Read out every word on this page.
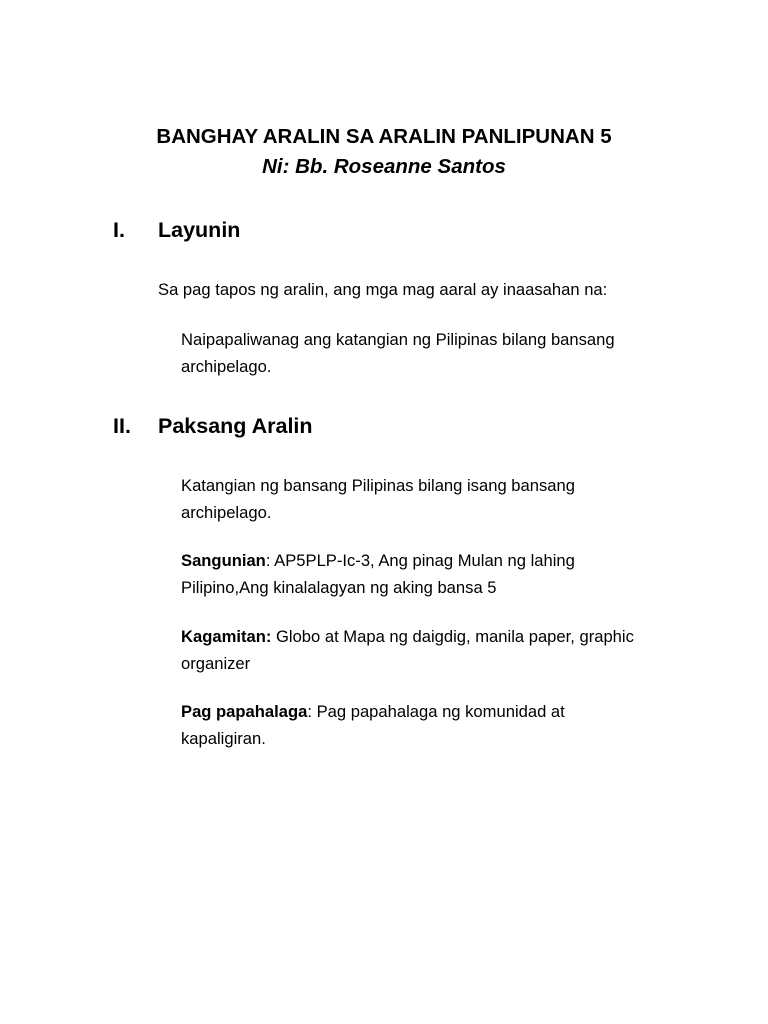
BANGHAY ARALIN SA ARALIN PANLIPUNAN 5
Ni: Bb. Roseanne Santos
I. Layunin
Sa pag tapos ng aralin, ang mga mag aaral ay inaasahan na:
Naipapaliwanag ang katangian ng Pilipinas bilang bansang archipelago.
II. Paksang Aralin
Katangian ng bansang Pilipinas bilang isang bansang archipelago.
Sangunian: AP5PLP-Ic-3, Ang pinag Mulan ng lahing Pilipino,Ang kinalalagyan ng aking bansa 5
Kagamitan: Globo at Mapa ng daigdig, manila paper, graphic organizer
Pag papahalaga: Pag papahalaga ng komunidad at kapaligiran.
